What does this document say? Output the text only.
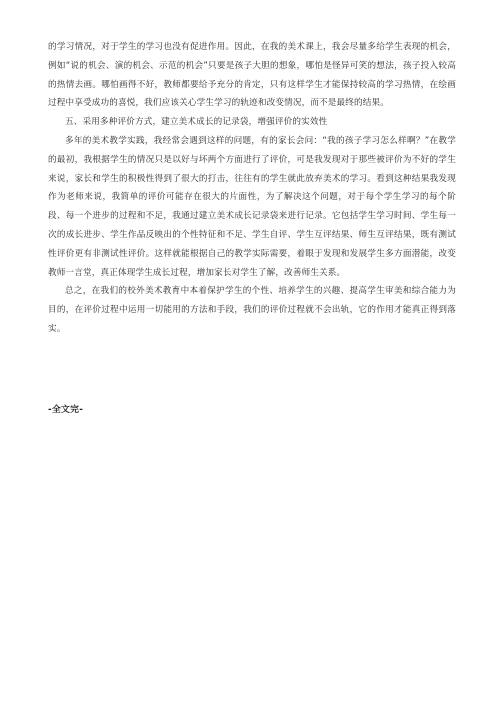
的学习情况，对于学生的学习也没有促进作用。因此，在我的美术课上，我会尽量多给学生表现的机会，例如“说的机会、演的机会、示范的机会”只要是孩子大胆的想象，哪怕是怪异可笑的想法，孩子投入较高的热情去画。哪怕画得不好，教师都要给予充分的肯定，只有这样学生才能保持较高的学习热情，在绘画过程中享受成功的喜悦，我们应该关心学生学习的轨迹和改变情况，而不是最终的结果。

五、采用多种评价方式，建立美术成长的记录袋，增强评价的实效性

多年的美术教学实践，我经常会遇到这样的问题，有的家长会问：“我的孩子学习怎么样啊？”在教学的最初，我根据学生的情况只是以好与坏两个方面进行了评价，可是我发现对于那些被评价为不好的学生来说，家长和学生的积极性得到了很大的打击，往往有的学生就此放弃美术的学习。看到这种结果我发现作为老师来说，我简单的评价可能存在很大的片面性，为了解决这个问题，对于每个学生学习的每个阶段、每一个进步的过程和不足，我通过建立美术成长记录袋来进行记录。它包括学生学习时间、学生每一次的成长进步、学生作品反映出的个性特征和不足、学生自评、学生互评结果、师生互评结果，既有测试性评价更有非测试性评价。这样就能根据自己的教学实际需要，着眼于发现和发展学生多方面潜能，改变教师一言堂，真正体现学生成长过程，增加家长对学生了解，改善师生关系。

总之，在我们的校外美术教育中本着保护学生的个性、培养学生的兴趣、提高学生审美和综合能力为目的，在评价过程中运用一切能用的方法和手段，我们的评价过程就不会出轨，它的作用才能真正得到落实。

-全文完-
